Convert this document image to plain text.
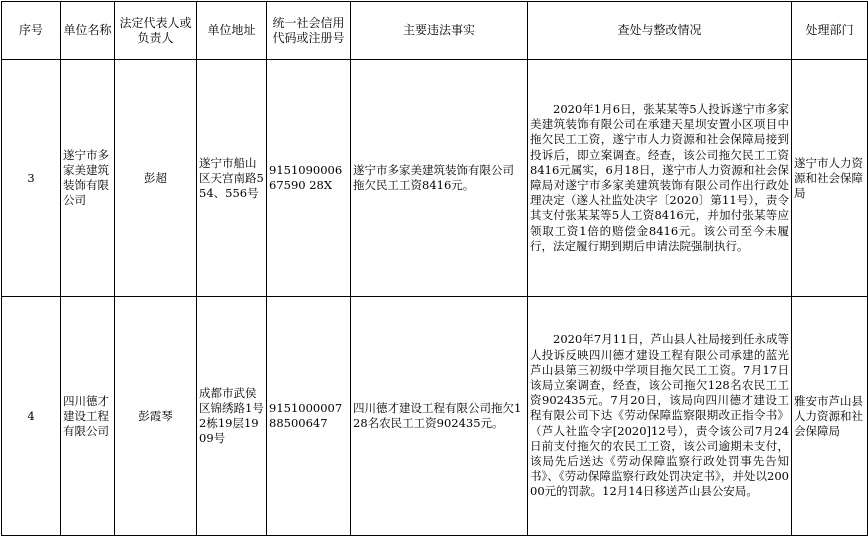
序号	单位名称	法定代表人或负责人	单位地址	统一社会信用代码或注册号	主要违法事实	查处与整改情况	处理部门
3	遂宁市多家美建筑装饰有限公司	彭超	遂宁市船山区天宫南路554、556号	915109000667590 28X	遂宁市多家美建筑装饰有限公司拖欠民工工资8416元。	2020年1月6日，张某某等5人投诉遂宁市多家美建筑装饰有限公司在承建天星坝安置小区项目中拖欠民工工资，遂宁市人力资源和社会保障局接到投诉后，即立案调查。经查，该公司拖欠民工工资8416元属实，6月18日，遂宁市人力资源和社会保障局对遂宁市多家美建筑装饰有限公司作出行政处理决定（遂人社监处决字〔2020〕第11号），责令其支付张某某等5人工资8416元，并加付张某等应领取工资1倍的赔偿金8416元。该公司至今未履行，法定履行期到期后申请法院强制执行。	遂宁市人力资源和社会保障局
4	四川德才建设工程有限公司	彭霞琴	成都市武侯区锦绣路1号2栋19层1909号	915100000788500647	四川德才建设工程有限公司拖欠128名农民工工资902435元。	2020年7月11日，芦山县人社局接到任永成等人投诉反映四川德才建设工程有限公司承建的蓝光芦山县第三初级中学项目拖欠民工工资。7月17日该局立案调查，经查，该公司拖欠128名农民工工资902435元。7月20日，该局向四川德才建设工程有限公司下达《劳动保障监察限期改正指令书》（芦人社监令字[2020]12号），责令该公司7月24日前支付拖欠的农民工工资，该公司逾期未支付，该局先后送达《劳动保障监察行政处罚事先告知书》、《劳动保障监察行政处罚决定书》，并处以20000元的罚款。12月14日移送芦山县公安局。	雅安市芦山县人力资源和社会保障局
